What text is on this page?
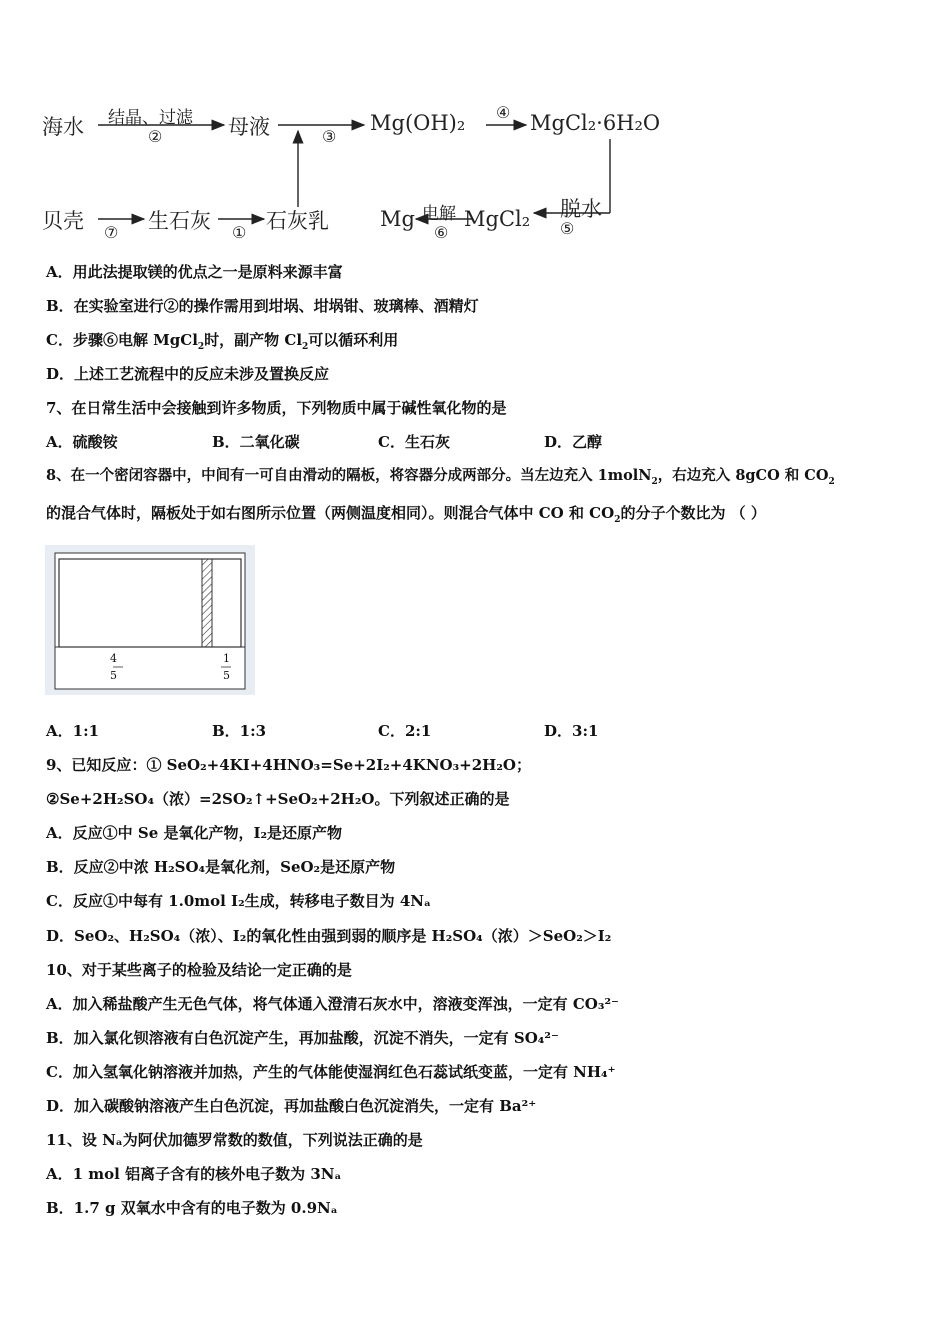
海水 结晶、过滤
②	母液	③
Mg(OH)₂ ④ MgCl₂·6H₂O
贝壳 ⑦ 生石灰 ① 石灰乳 Mg 电解
⑥
MgCl₂ 脱水
⑤
A．用此法提取镁的优点之一是原料来源丰富
B．在实验室进行②的操作需用到坩埚、坩埚钳、玻璃棒、酒精灯
C．步骤⑥电解 MgCl$_2$时，副产物 $Cl_2$可以循环利用
D．上述工艺流程中的反应未涉及置换反应
7、在日常生活中会接触到许多物质，下列物质中属于碱性氧化物的是
A．硫酸铵	B．二氧化碳	C．生石灰	D．乙醇
8、在一个密闭容器中，中间有一可自由滑动的隔板，将容器分成两部分。当左边充入 1molN$_2$，右边充入 8gCO 和 $CO_2$
的混合气体时，隔板处于如右图所示位置（两侧温度相同）。则混合气体中 CO 和 $CO_2$的分子个数比为 （ ）
4
5
1
5
A．1:1	B．1:3	C．2:1	D．3:1
9、已知反应：① SeO₂+4KI+4HNO₃=Se+2I₂+4KNO₃+2H₂O；
②Se+2H₂SO₄（浓）=2SO₂↑+SeO₂+2H₂O。下列叙述正确的是
A．反应①中 Se 是氧化产物，I₂是还原产物
B．反应②中浓 H₂SO₄是氧化剂，SeO₂是还原产物
C．反应①中每有 1.0mol I₂生成，转移电子数目为 4Nₐ
D．SeO₂、H₂SO₄（浓）、I₂的氧化性由强到弱的顺序是 H₂SO₄（浓）＞SeO₂＞I₂
10、对于某些离子的检验及结论一定正确的是
A．加入稀盐酸产生无色气体，将气体通入澄清石灰水中，溶液变浑浊，一定有 CO₃²⁻
B．加入氯化钡溶液有白色沉淀产生，再加盐酸，沉淀不消失，一定有 SO₄²⁻
C．加入氢氧化钠溶液并加热，产生的气体能使湿润红色石蕊试纸变蓝，一定有 NH₄⁺
D．加入碳酸钠溶液产生白色沉淀，再加盐酸白色沉淀消失，一定有 Ba²⁺
11、设 Nₐ为阿伏加德罗常数的数值，下列说法正确的是
A．1 mol 铝离子含有的核外电子数为 3Nₐ
B．1.7 g 双氧水中含有的电子数为 0.9Nₐ
